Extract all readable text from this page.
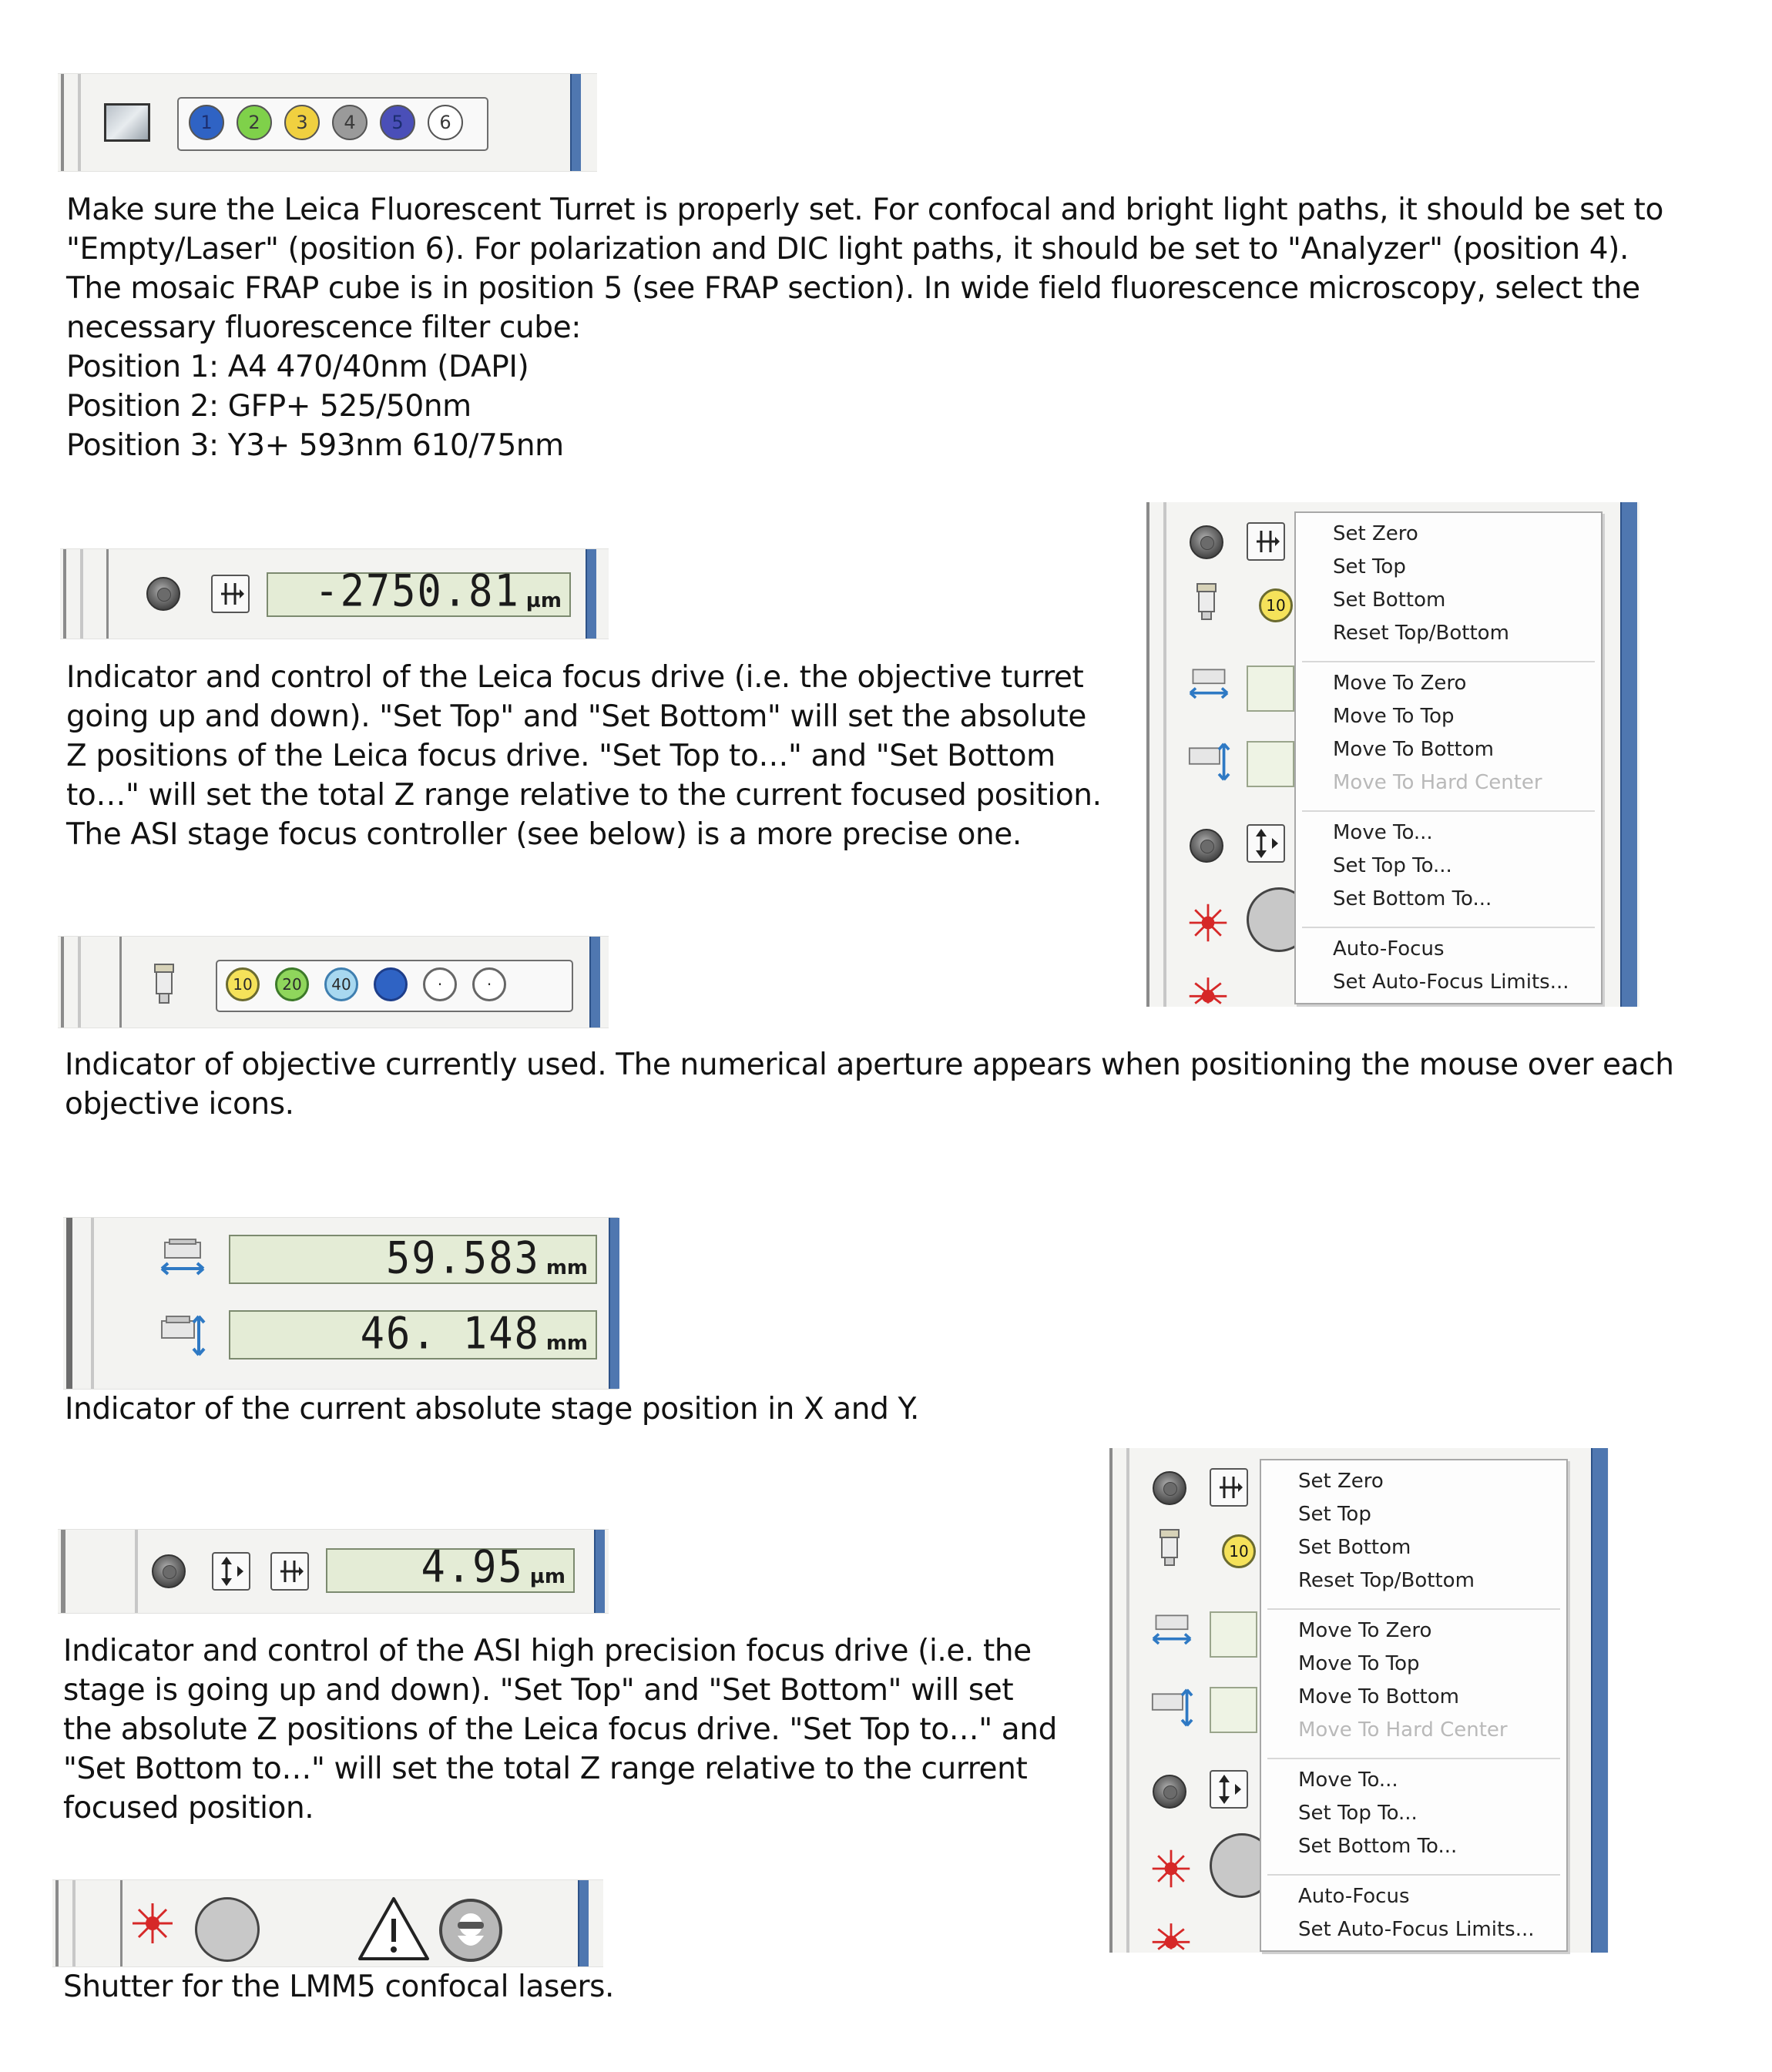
1	2	3	4	5	6
Make sure the Leica Fluorescent Turret is properly set. For confocal and bright light paths, it should be set to
"Empty/Laser" (position 6). For polarization and DIC light paths, it should be set to "Analyzer" (position 4).
The mosaic FRAP cube is in position 5 (see FRAP section). In wide field fluorescence microscopy, select the
necessary fluorescence filter cube:
Position 1: A4 470/40nm (DAPI)
Position 2: GFP+ 525/50nm
Position 3: Y3+ 593nm 610/75nm
-2750.81 µm
Indicator and control of the Leica focus drive (i.e. the objective turret
going up and down). "Set Top" and "Set Bottom" will set the absolute
Z positions of the Leica focus drive. "Set Top to…" and "Set Bottom
to…" will set the total Z range relative to the current focused position.
The ASI stage focus controller (see below) is a more precise one.
10	20	40	·	·
Indicator of objective currently used. The numerical aperture appears when positioning the mouse over each
objective icons.
59.583 mm
46. 148 mm
Indicator of the current absolute stage position in X and Y.
4.95 µm
Indicator and control of the ASI high precision focus drive (i.e. the
stage is going up and down). "Set Top" and "Set Bottom" will set
the absolute Z positions of the Leica focus drive. "Set Top to…" and
"Set Bottom to…" will set the total Z range relative to the current
focused position.
Shutter for the LMM5 confocal lasers.
10
Set Zero
Set Top
Set Bottom
Reset Top/Bottom
Move To Zero
Move To Top
Move To Bottom
Move To Hard Center
Move To...
Set Top To...
Set Bottom To...
Auto-Focus
Set Auto-Focus Limits...
10
Set Zero
Set Top
Set Bottom
Reset Top/Bottom
Move To Zero
Move To Top
Move To Bottom
Move To Hard Center
Move To...
Set Top To...
Set Bottom To...
Auto-Focus
Set Auto-Focus Limits...
